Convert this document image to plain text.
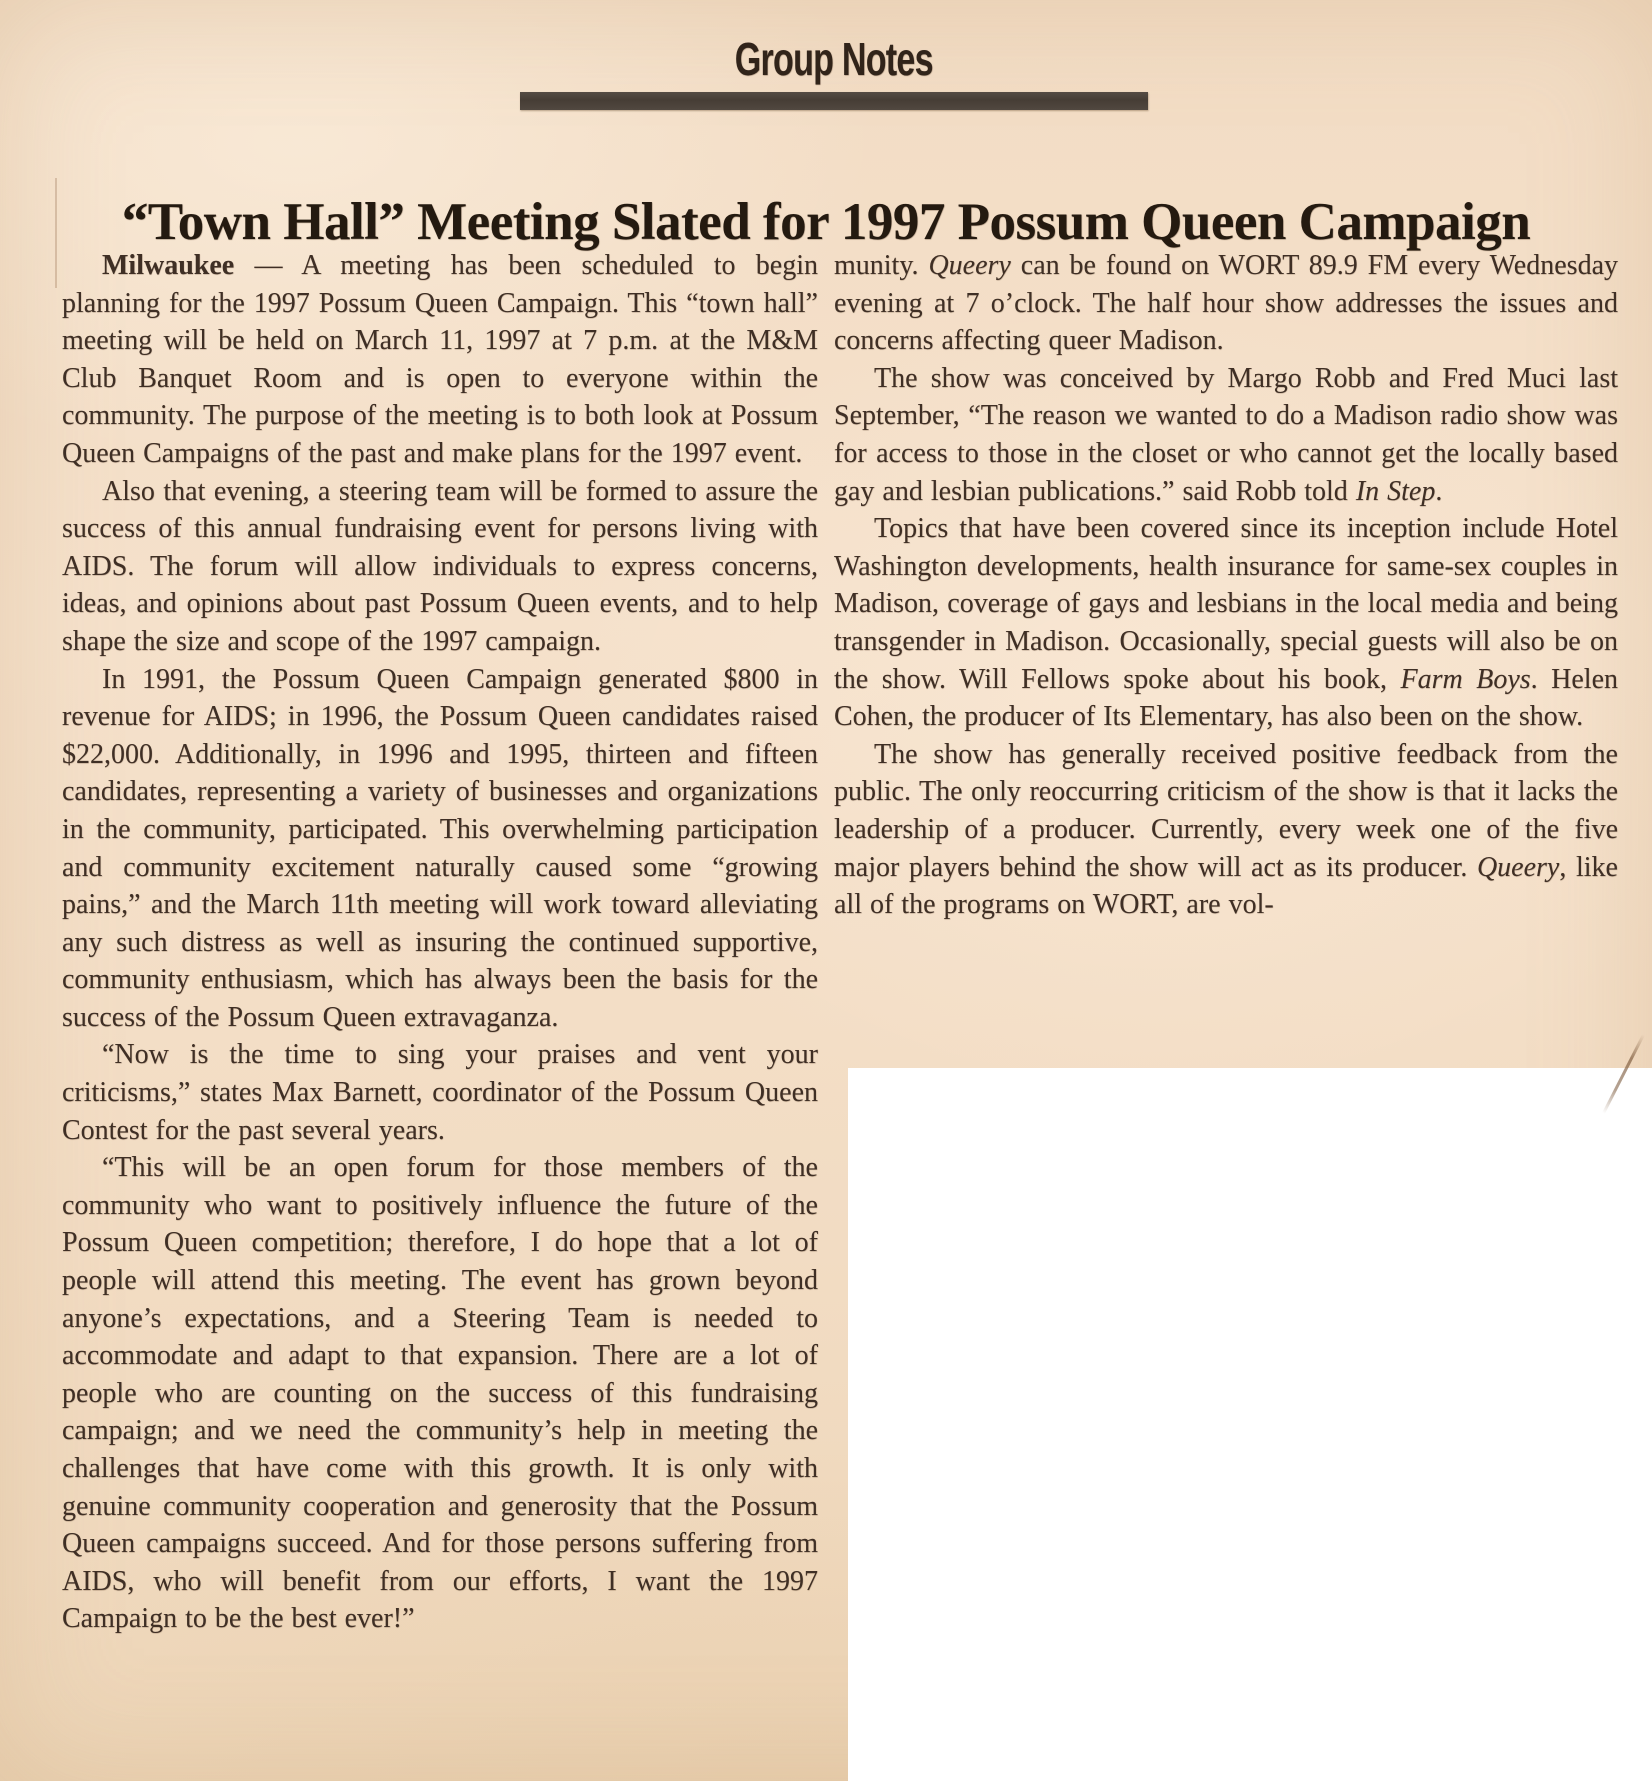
Group Notes
“Town Hall” Meeting Slated for 1997 Possum Queen Campaign

Milwaukee — A meeting has been scheduled to begin planning for the 1997 Possum Queen Campaign. This “town hall” meeting will be held on March 11, 1997 at 7 p.m. at the M&M Club Banquet Room and is open to everyone within the community. The purpose of the meeting is to both look at Possum Queen Campaigns of the past and make plans for the 1997 event.

Also that evening, a steering team will be formed to assure the success of this annual fundraising event for persons living with AIDS. The forum will allow individuals to express concerns, ideas, and opinions about past Possum Queen events, and to help shape the size and scope of the 1997 campaign.

In 1991, the Possum Queen Campaign generated $800 in revenue for AIDS; in 1996, the Possum Queen candidates raised $22,000. Additionally, in 1996 and 1995, thirteen and fifteen candidates, representing a variety of businesses and organizations in the community, participated. This overwhelming participation and community excitement naturally caused some “growing pains,” and the March 11th meeting will work toward alleviating any such distress as well as insuring the continued supportive, community enthusiasm, which has always been the basis for the success of the Possum Queen extravaganza.

“Now is the time to sing your praises and vent your criticisms,” states Max Barnett, coordinator of the Possum Queen Contest for the past several years.

“This will be an open forum for those members of the community who want to positively influence the future of the Possum Queen competition; therefore, I do hope that a lot of people will attend this meeting. The event has grown beyond anyone’s expectations, and a Steering Team is needed to accommodate and adapt to that expansion. There are a lot of people who are counting on the success of this fundraising campaign; and we need the community’s help in meeting the challenges that have come with this growth. It is only with genuine community cooperation and generosity that the Possum Queen campaigns succeed. And for those persons suffering from AIDS, who will benefit from our efforts, I want the 1997 Campaign to be the best ever!”

munity. Queery can be found on WORT 89.9 FM every Wednesday evening at 7 o’clock. The half hour show addresses the issues and concerns affecting queer Madison.

The show was conceived by Margo Robb and Fred Muci last September, “The reason we wanted to do a Madison radio show was for access to those in the closet or who cannot get the locally based gay and lesbian publications.” said Robb told In Step.

Topics that have been covered since its inception include Hotel Washington developments, health insurance for same-sex couples in Madison, coverage of gays and lesbians in the local media and being transgender in Madison. Occasionally, special guests will also be on the show. Will Fellows spoke about his book, Farm Boys. Helen Cohen, the producer of Its Elementary, has also been on the show.

The show has generally received positive feedback from the public. The only reoccurring criticism of the show is that it lacks the leadership of a producer. Currently, every week one of the five major players behind the show will act as its producer. Queery, like all of the programs on WORT, are vol-
